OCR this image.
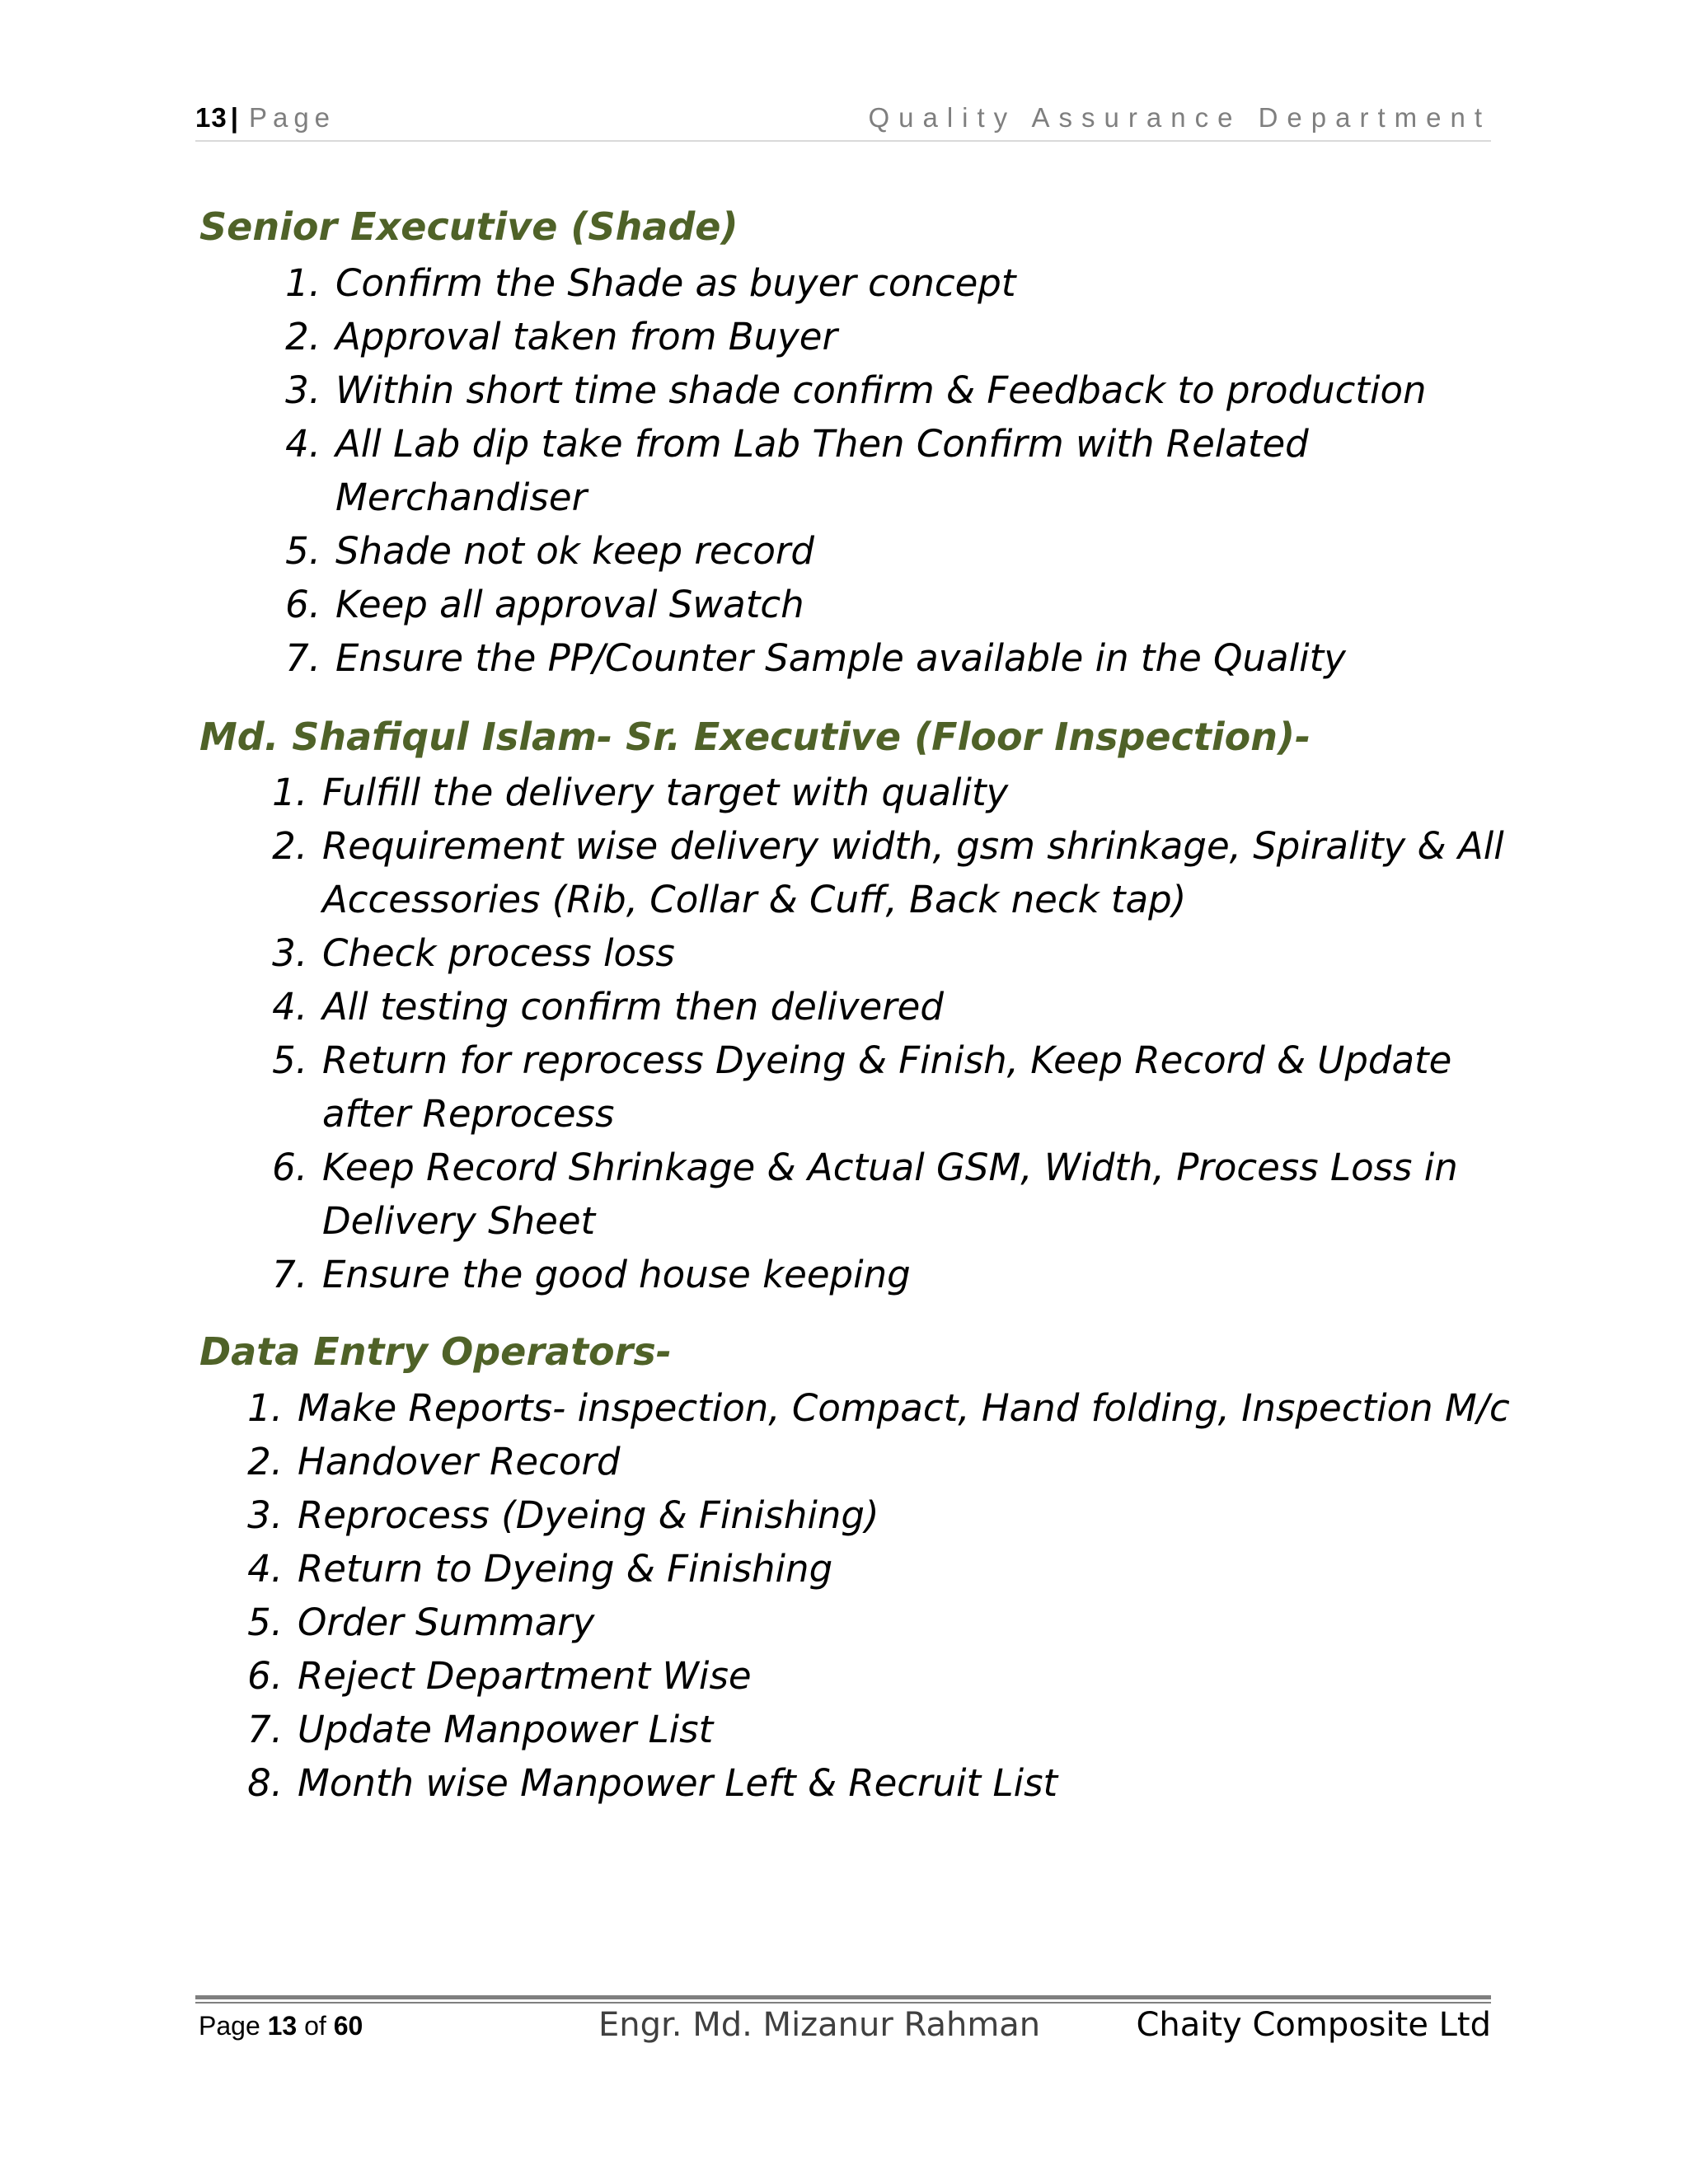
13 | Page	Quality Assurance Department
Senior Executive (Shade)
1. Confirm the Shade as buyer concept
2. Approval taken from Buyer
3. Within short time shade confirm & Feedback to production
4. All Lab dip take from Lab Then Confirm with Related
Merchandiser
5. Shade not ok keep record
6. Keep all approval Swatch
7. Ensure the PP/Counter Sample available in the Quality
Md. Shafiqul Islam- Sr. Executive (Floor Inspection)-
1. Fulfill the delivery target with quality
2. Requirement wise delivery width, gsm shrinkage, Spirality & All
Accessories (Rib, Collar & Cuff, Back neck tap)
3. Check process loss
4. All testing confirm then delivered
5. Return for reprocess Dyeing & Finish, Keep Record & Update
after Reprocess
6. Keep Record Shrinkage & Actual GSM, Width, Process Loss in
Delivery Sheet
7. Ensure the good house keeping
Data Entry Operators-
1. Make Reports- inspection, Compact, Hand folding, Inspection M/c
2. Handover Record
3. Reprocess (Dyeing & Finishing)
4. Return to Dyeing & Finishing
5. Order Summary
6. Reject Department Wise
7. Update Manpower List
8. Month wise Manpower Left & Recruit List
Page 13 of 60	Engr. Md. Mizanur Rahman	Chaity Composite Ltd
